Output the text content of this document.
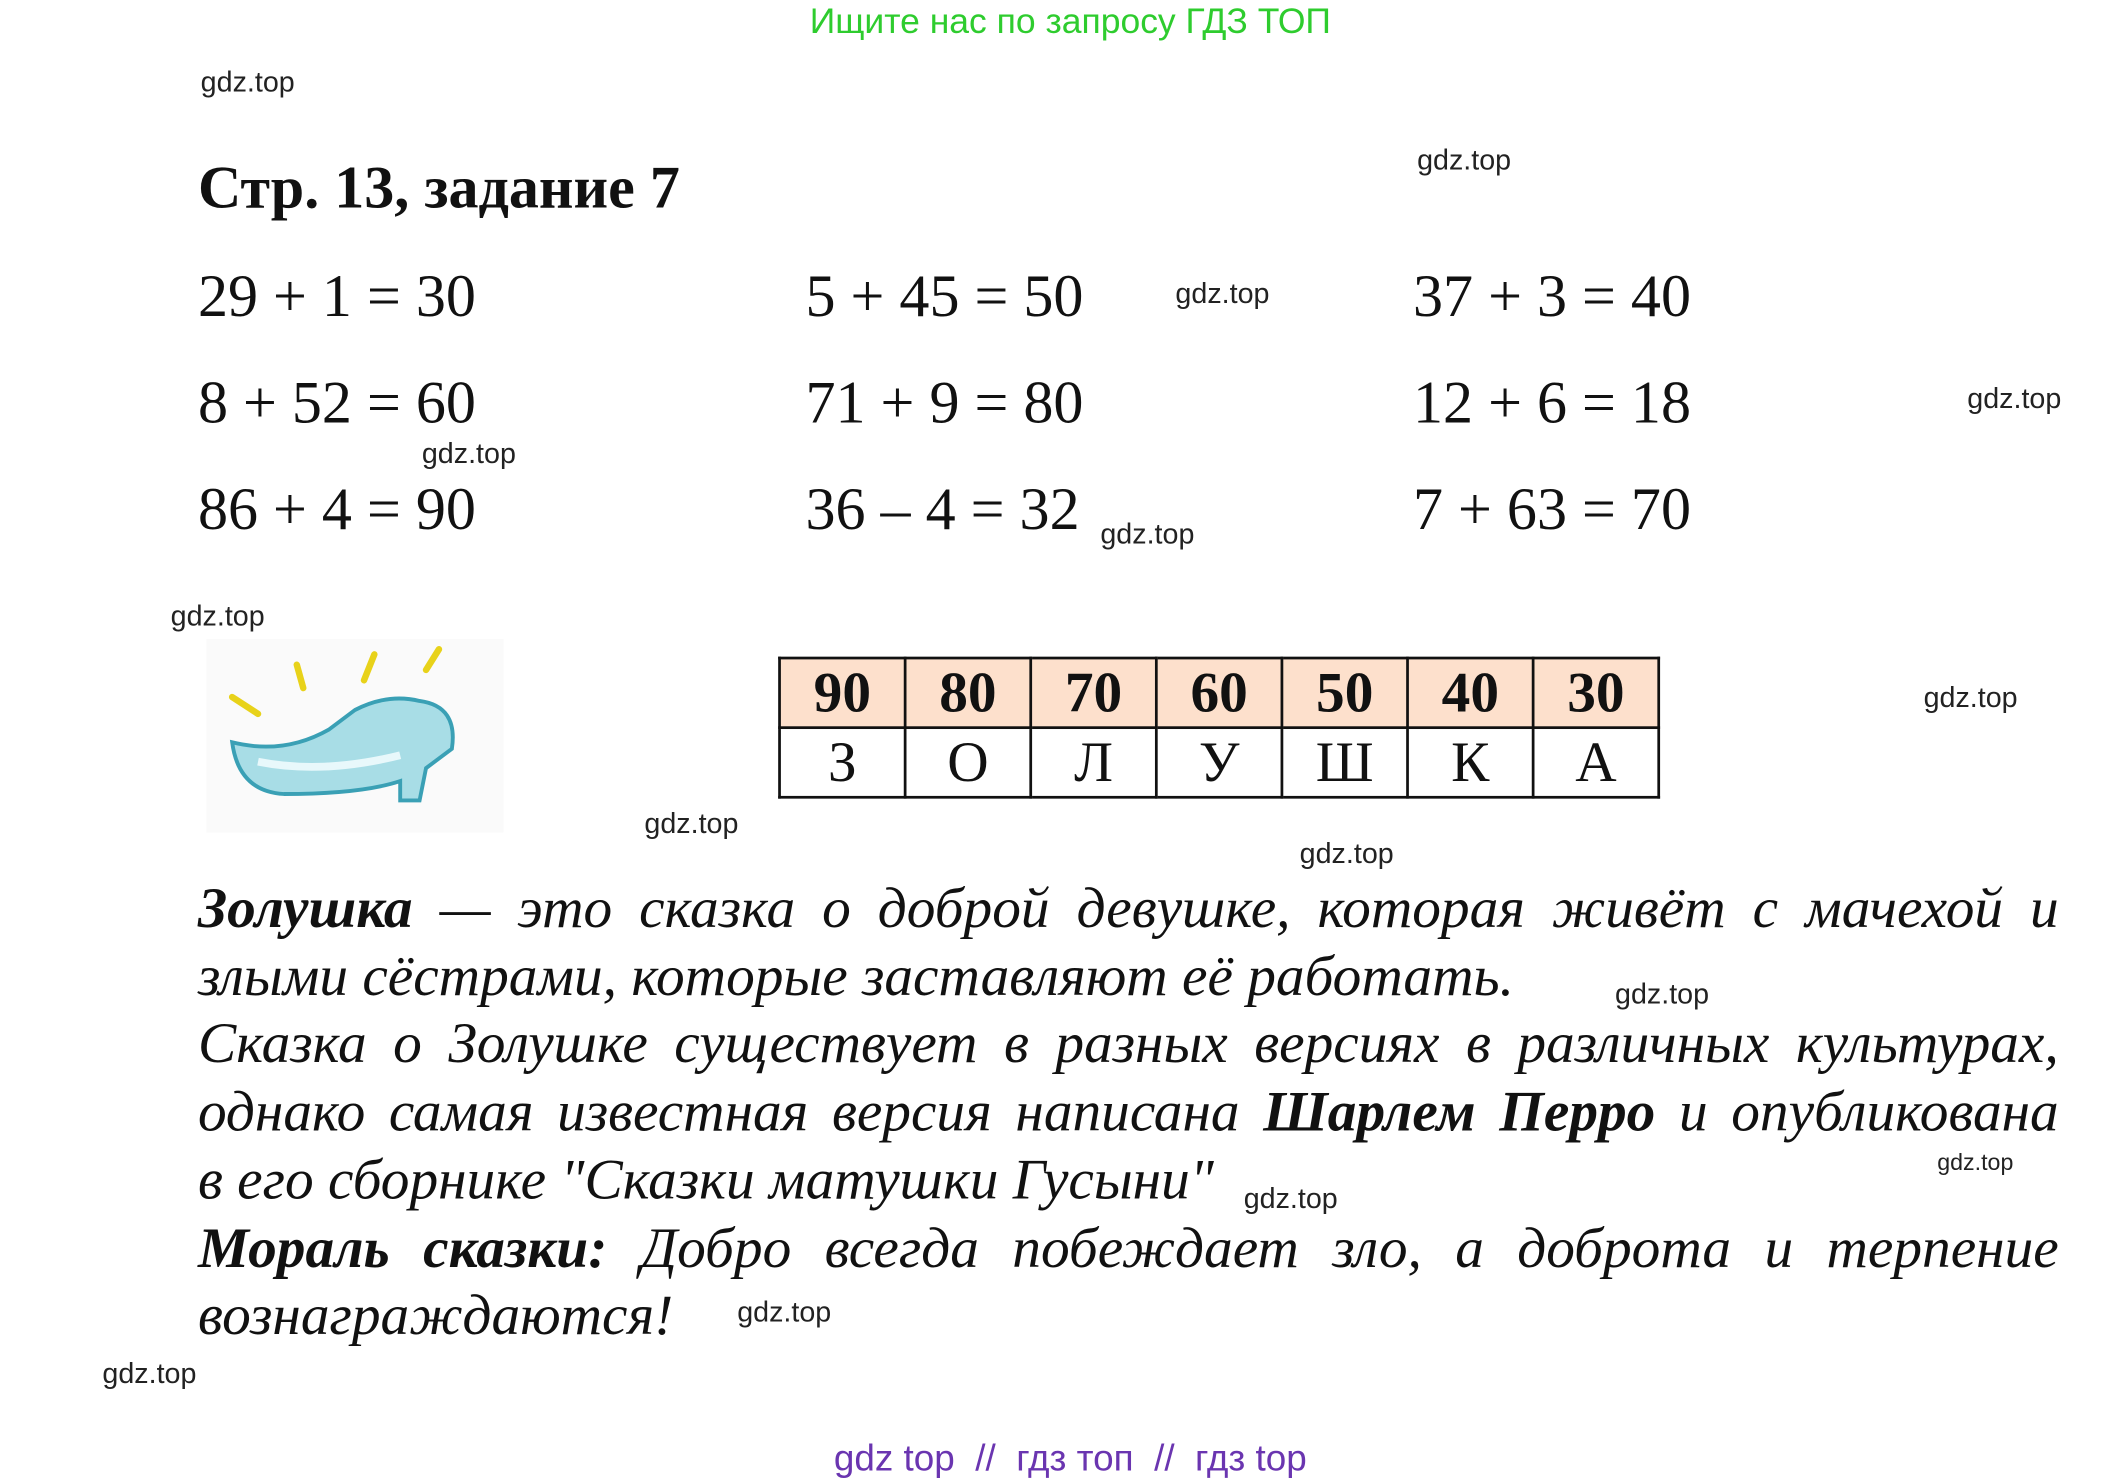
Ищите нас по запросу ГДЗ ТОП
gdz.top
gdz.top
gdz.top
gdz.top
gdz.top
gdz.top
gdz.top
gdz.top
gdz.top
gdz.top
gdz.top
gdz.top
gdz.top
gdz.top
gdz.top
Стр. 13, задание 7
29 + 1 = 30	5 + 45 = 50	37 + 3 = 40
8 + 52 = 60	71 + 9 = 80	12 + 6 = 18
86 + 4 = 90	36 – 4 = 32	7 + 63 = 70
90	80	70	60	50	40	30
З	О	Л	У	Ш	К	А
Золушка — это сказка о доброй девушке, которая живёт с мачехой и
злыми сёстрами, которые заставляют её работать.
Сказка о Золушке существует в разных версиях в различных культурах,
однако самая известная версия написана Шарлем Перро и опубликована
в его сборнике "Сказки матушки Гусыни"
Мораль сказки: Добро всегда побеждает зло, а доброта и терпение
вознаграждаются!
gdz top  //  гдз топ  //  гдз top
